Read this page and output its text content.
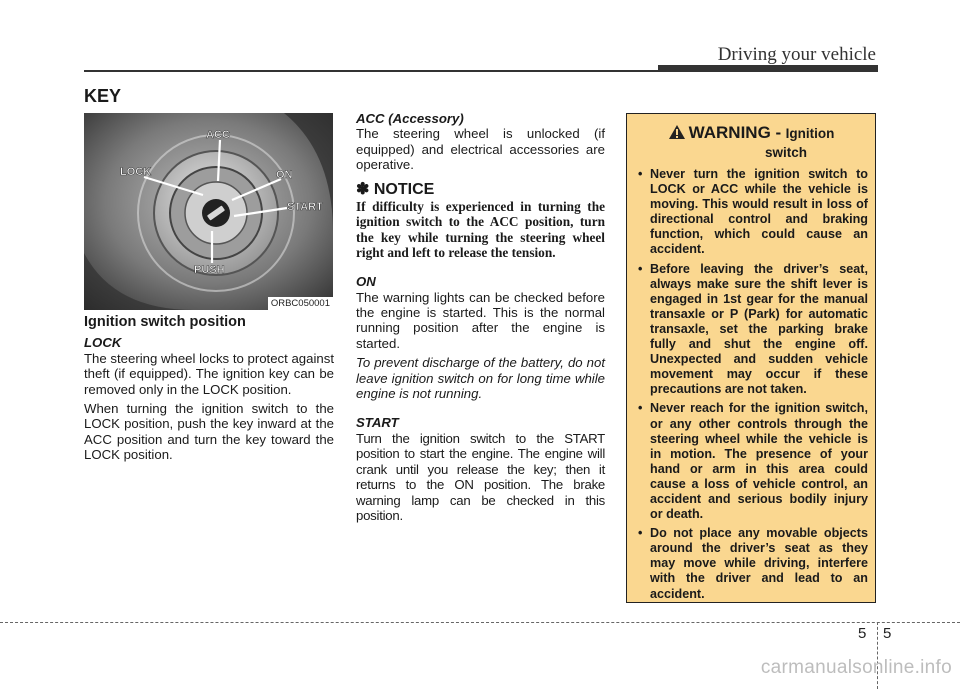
Driving your vehicle
KEY
ACC
LOCK	ON
START
PUSH
ORBC050001

Ignition switch position

LOCK

The steering wheel locks to protect against theft (if equipped). The ignition key can be removed only in the LOCK position.

When turning the ignition switch to the LOCK position, push the key inward at the ACC position and turn the key toward the LOCK position.

ACC (Accessory)

The steering wheel is unlocked (if equipped) and electrical accessories are operative.

✽ NOTICE

If difficulty is experienced in turning the ignition switch to the ACC position, turn the key while turning the steering wheel right and left to release the tension.

ON

The warning lights can be checked before the engine is started. This is the normal running position after the engine is started.

To prevent discharge of the battery, do not leave ignition switch on for long time while engine is not running.

START

Turn the ignition switch to the START position to start the engine. The engine will crank until you release the key; then it returns to the ON position. The brake warning lamp can be checked in this position.

WARNING - Ignition
switch
• Never turn the ignition switch to LOCK or ACC while the vehicle is moving. This would result in loss of directional control and braking function, which could cause an accident.
• Before leaving the driver’s seat, always make sure the shift lever is engaged in 1st gear for the manual transaxle or P (Park) for automatic transaxle, set the parking brake fully and shut the engine off. Unexpected and sudden vehicle movement may occur if these precautions are not taken.
• Never reach for the ignition switch, or any other controls through the steering wheel while the vehicle is in motion. The presence of your hand or arm in this area could cause a loss of vehicle control, an accident and serious bodily injury or death.
• Do not place any movable objects around the driver’s seat as they may move while driving, interfere with the driver and lead to an accident.
5 5
carmanualsonline.info
